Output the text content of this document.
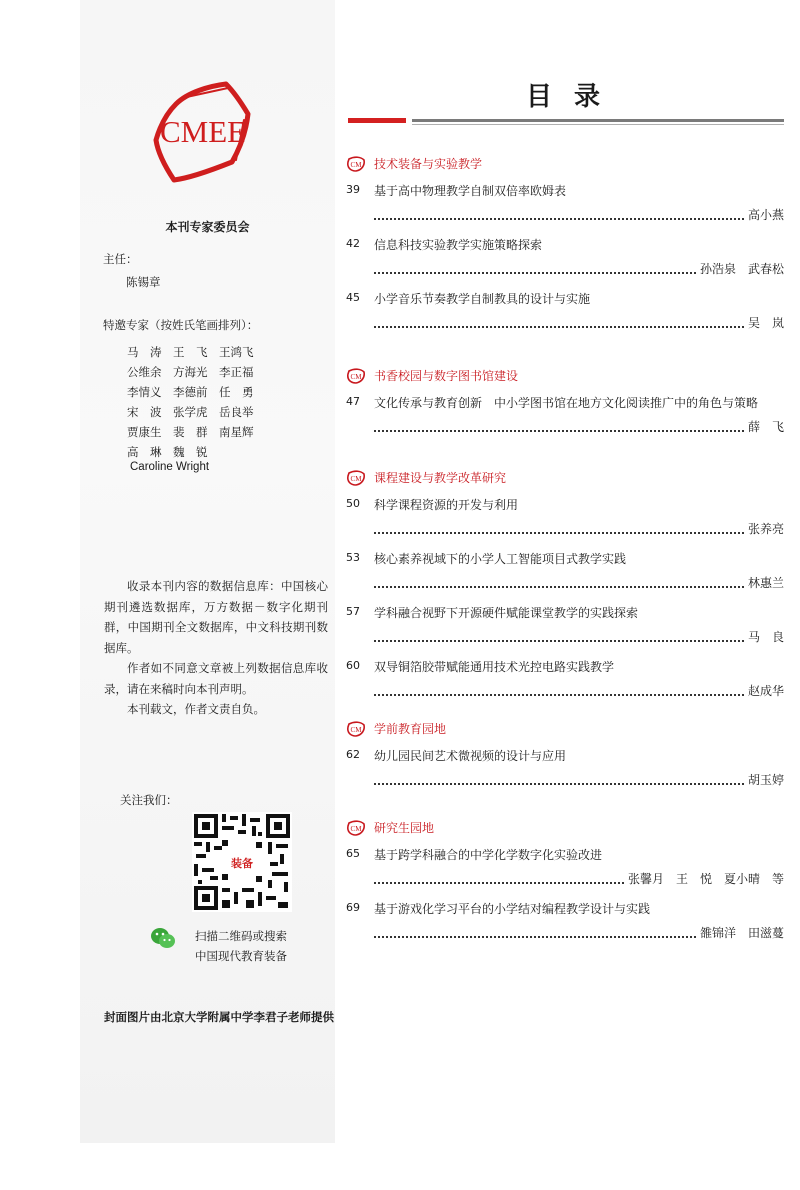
CMEE
本刊专家委员会
主任：
陈锡章
特邀专家（按姓氏笔画排列）：
马　涛　王　飞　王鸿飞
公维余　方海光　李正福
李情义　李德前　任　勇
宋　波　张学虎　岳良举
贾康生　裴　群　南星辉
高　琳　魏　锐
Caroline Wright

收录本刊内容的数据信息库：中国核心期刊遴选数据库，万方数据－数字化期刊群，中国期刊全文数据库，中文科技期刊数据库。

作者如不同意文章被上列数据信息库收录，请在来稿时向本刊声明。

本刊载文，作者文责自负。

关注我们：
装备
扫描二维码或搜索
中国现代教育装备
封面图片由北京大学附属中学李君子老师提供
目录
CM 技术装备与实验教学
39 基于高中物理教学自制双倍率欧姆表
高小燕
42 信息科技实验教学实施策略探索
孙浩泉　武春松
45 小学音乐节奏教学自制教具的设计与实施
吴　岚
CM 书香校园与数字图书馆建设
47 文化传承与教育创新　中小学图书馆在地方文化阅读推广中的角色与策略
薛　飞
CM 课程建设与教学改革研究
50 科学课程资源的开发与利用
张养亮
53 核心素养视域下的小学人工智能项目式教学实践
林惠兰
57 学科融合视野下开源硬件赋能课堂教学的实践探索
马　良
60 双导铜箔胶带赋能通用技术光控电路实践教学
赵成华
CM 学前教育园地
62 幼儿园民间艺术微视频的设计与应用
胡玉婷
CM 研究生园地
65 基于跨学科融合的中学化学数字化实验改进
张馨月　王　悦　夏小晴　等
69 基于游戏化学习平台的小学结对编程教学设计与实践
雒锦洋　田滋蔓
